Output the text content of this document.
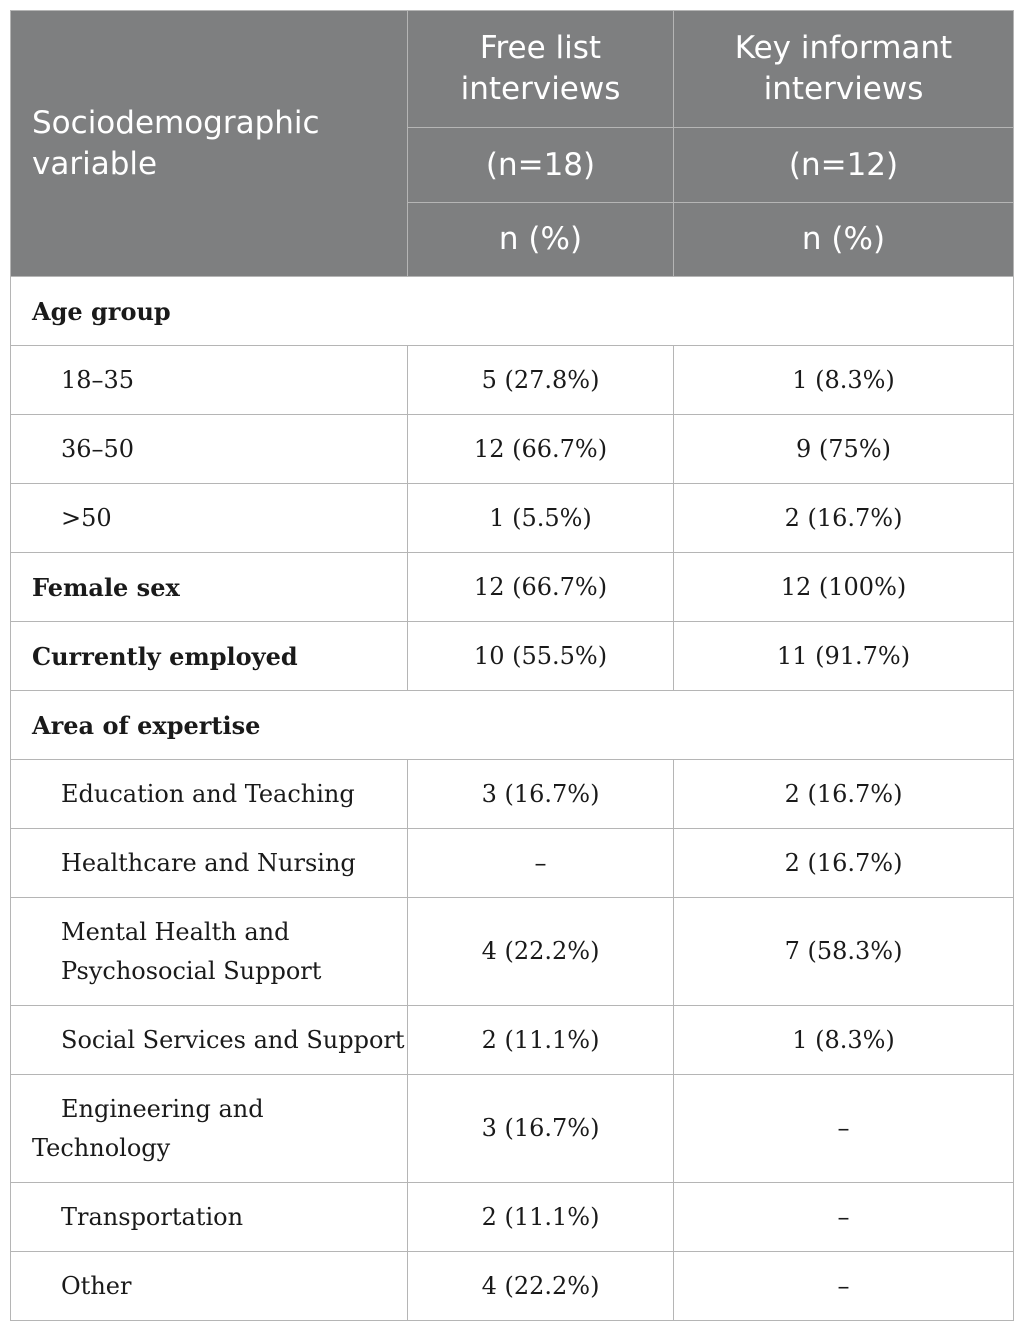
Sociodemographic variable	Free list interviews	Key informant interviews
	(n=18)	(n=12)
	n (%)	n (%)
Age group		
18–35	5 (27.8%)	1 (8.3%)
36–50	12 (66.7%)	9 (75%)
>50	1 (5.5%)	2 (16.7%)
Female sex	12 (66.7%)	12 (100%)
Currently employed	10 (55.5%)	11 (91.7%)
Area of expertise		
Education and Teaching	3 (16.7%)	2 (16.7%)
Healthcare and Nursing	–	2 (16.7%)
Mental Health and
Psychosocial Support	4 (22.2%)	7 (58.3%)
Social Services and Support	2 (11.1%)	1 (8.3%)
Engineering and
Technology	3 (16.7%)	–
Transportation	2 (11.1%)	–
Other	4 (22.2%)	–
